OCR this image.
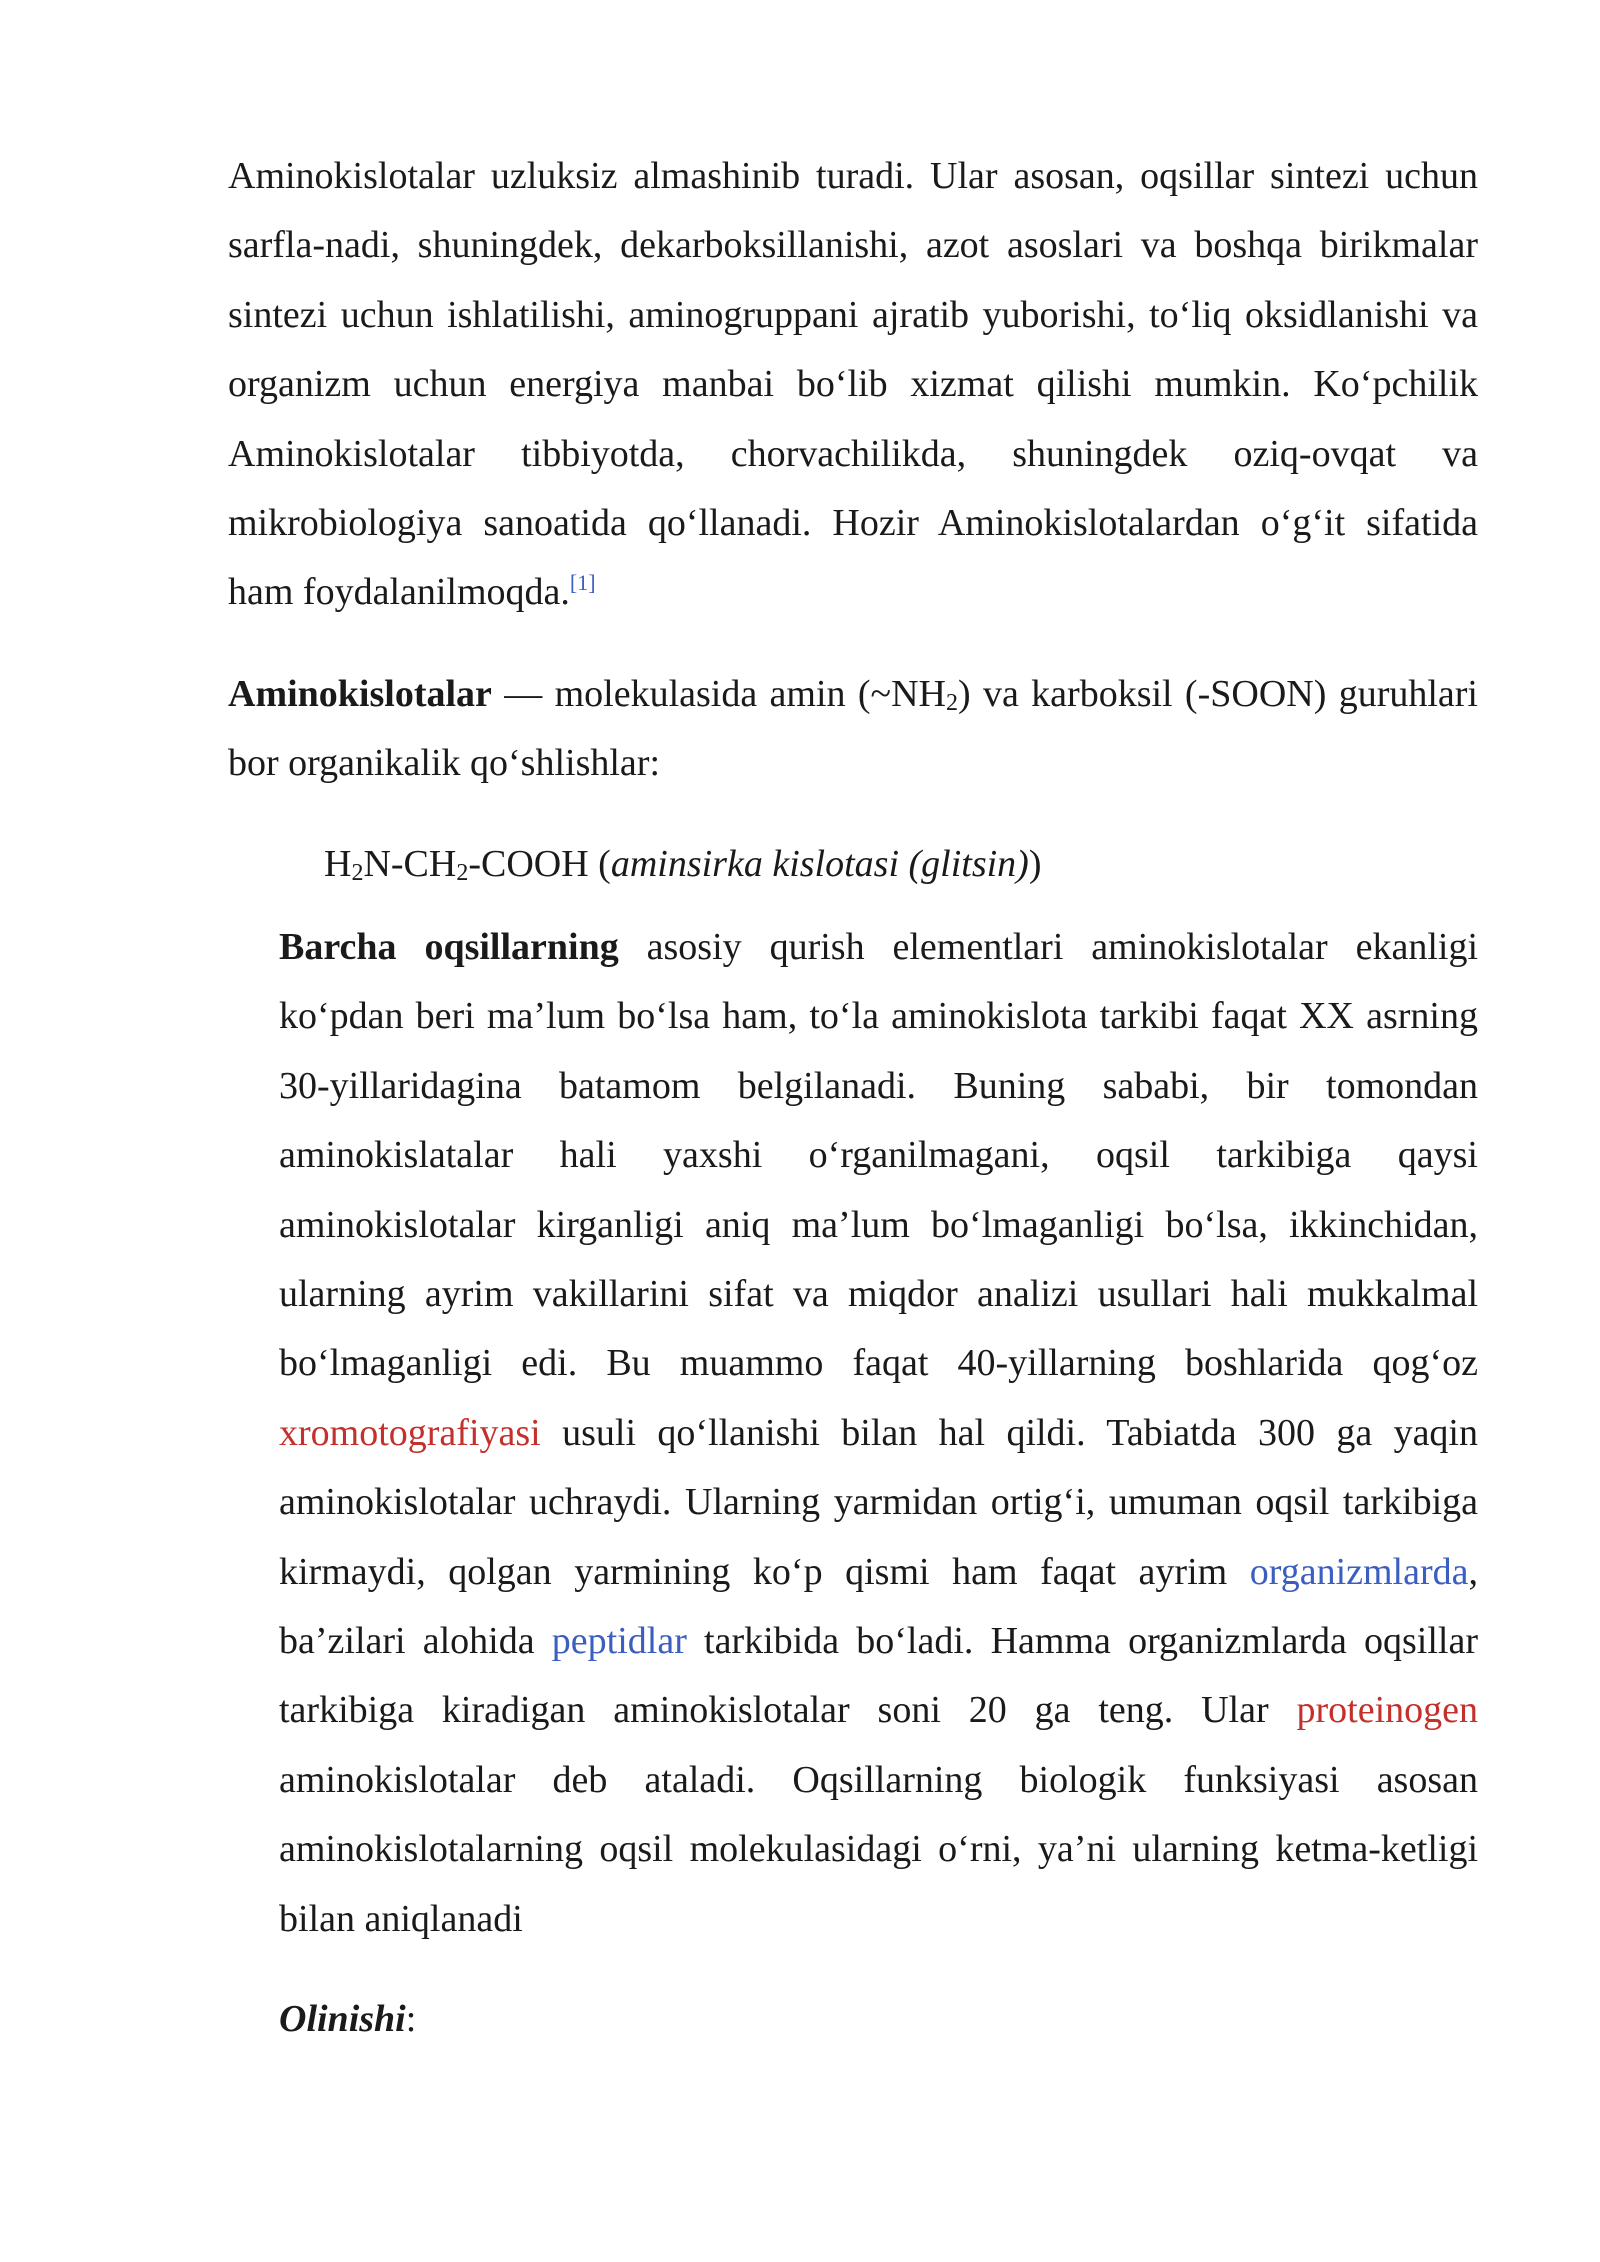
Aminokislotalar uzluksiz almashinib turadi. Ular asosan, oqsillar sintezi uchun sarfla-nadi, shuningdek, dekarboksillanishi, azot asoslari va boshqa birikmalar sintezi uchun ishlatilishi, aminogruppani ajratib yuborishi, to‘liq oksidlanishi va organizm uchun energiya manbai bo‘lib xizmat qilishi mumkin. Ko‘pchilik Aminokislotalar tibbiyotda, chorvachilikda, shuningdek oziq-ovqat va mikrobiologiya sanoatida qo‘llanadi. Hozir Aminokislotalardan o‘g‘it sifatida ham foydalanilmoqda.[1]

Aminokislotalar — molekulasida amin $(\sim NH_2)$ va karboksil (-SOON) guruhlari bor organikalik qo‘shlishlar:

$H_2N-CH_2$-COOH (aminsirka kislotasi (glitsin))

Barcha oqsillarning asosiy qurish elementlari aminokislotalar ekanligi ko‘pdan beri ma’lum bo‘lsa ham, to‘la aminokislota tarkibi faqat XX asrning 30-yillaridagina batamom belgilanadi. Buning sababi, bir tomondan aminokislatalar hali yaxshi o‘rganilmagani, oqsil tarkibiga qaysi aminokislotalar kirganligi aniq ma’lum bo‘lmaganligi bo‘lsa, ikkinchidan, ularning ayrim vakillarini sifat va miqdor analizi usullari hali mukkalmal bo‘lmaganligi edi. Bu muammo faqat 40-yillarning boshlarida qog‘oz xromotografiyasi usuli qo‘llanishi bilan hal qildi. Tabiatda 300 ga yaqin aminokislotalar uchraydi. Ularning yarmidan ortig‘i, umuman oqsil tarkibiga kirmaydi, qolgan yarmining ko‘p qismi ham faqat ayrim organizmlarda, ba’zilari alohida peptidlar tarkibida bo‘ladi. Hamma organizmlarda oqsillar tarkibiga kiradigan aminokislotalar soni 20 ga teng. Ular proteinogen aminokislotalar deb ataladi. Oqsillarning biologik funksiyasi asosan aminokislotalarning oqsil molekulasidagi o‘rni, ya’ni ularning ketma-ketligi bilan aniqlanadi

Olinishi:
